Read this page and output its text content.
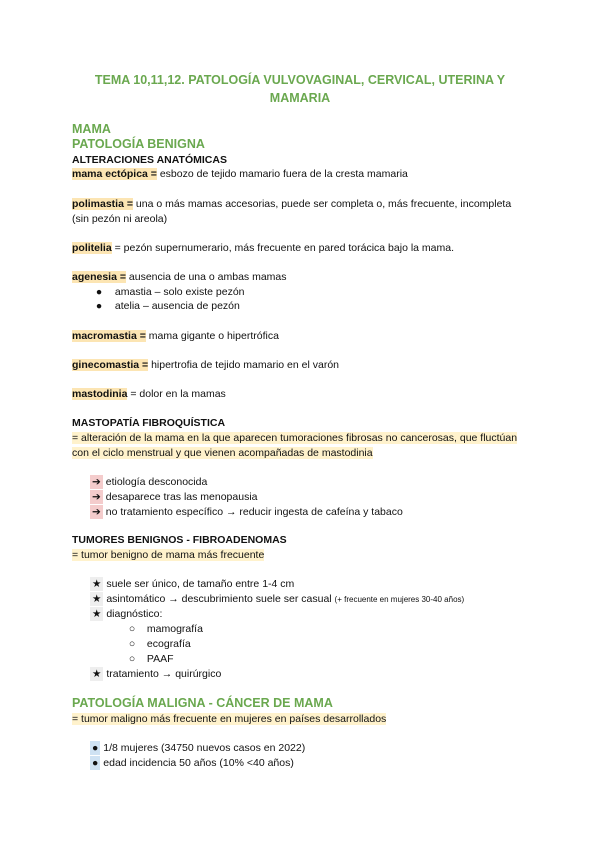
TEMA 10,11,12. PATOLOGÍA VULVOVAGINAL, CERVICAL, UTERINA Y MAMARIA
MAMA
PATOLOGÍA BENIGNA
ALTERACIONES ANATÓMICAS
mama ectópica = esbozo de tejido mamario fuera de la cresta mamaria
polimastia = una o más mamas accesorias, puede ser completa o, más frecuente, incompleta (sin pezón ni areola)
politelia = pezón supernumerario, más frecuente en pared torácica bajo la mama.
agenesia = ausencia de una o ambas mamas
● amastia – solo existe pezón
● atelia – ausencia de pezón
macromastia = mama gigante o hipertrófica
ginecomastia = hipertrofia de tejido mamario en el varón
mastodinia = dolor en la mamas
MASTOPATÍA FIBROQUÍSTICA
= alteración de la mama en la que aparecen tumoraciones fibrosas no cancerosas, que fluctúan con el ciclo menstrual y que vienen acompañadas de mastodinia
➔ etiología desconocida
➔ desaparece tras las menopausia
➔ no tratamiento específico → reducir ingesta de cafeína y tabaco
TUMORES BENIGNOS - FIBROADENOMAS
= tumor benigno de mama más frecuente
★ suele ser único, de tamaño entre 1-4 cm
★ asintomático → descubrimiento suele ser casual (+ frecuente en mujeres 30-40 años)
★ diagnóstico:
○ mamografía
○ ecografía
○ PAAF
★ tratamiento → quirúrgico
PATOLOGÍA MALIGNA - CÁNCER DE MAMA
= tumor maligno más frecuente en mujeres en países desarrollados
● 1/8 mujeres (34750 nuevos casos en 2022)
● edad incidencia 50 años (10% <40 años)
